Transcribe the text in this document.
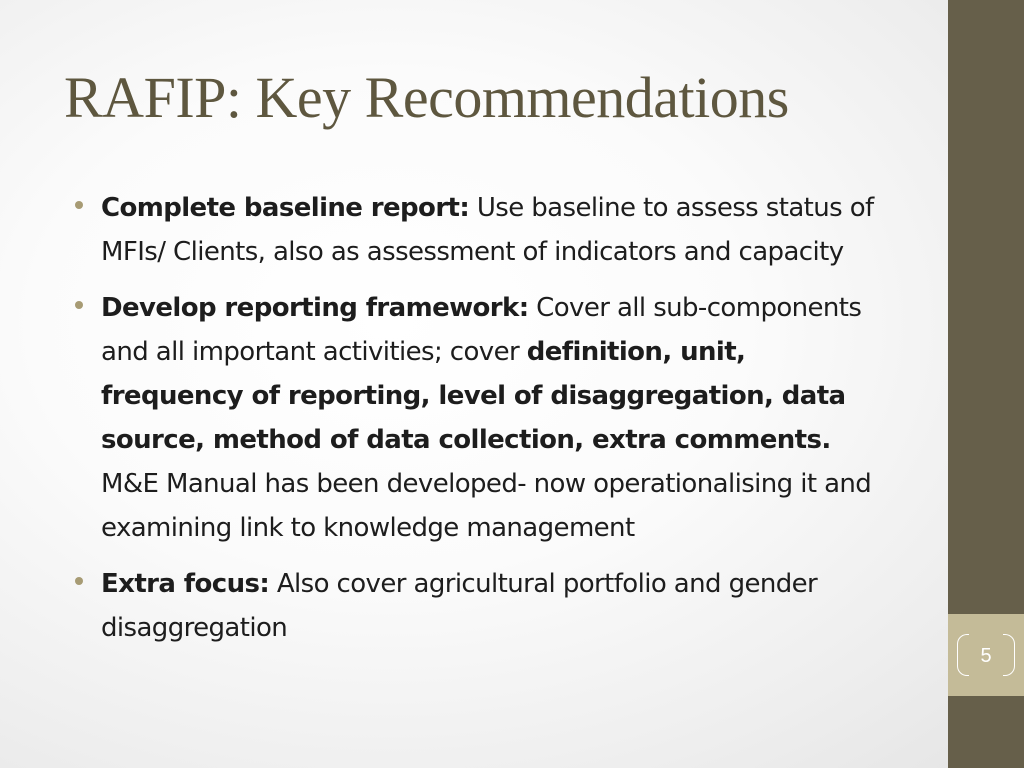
5
RAFIP: Key Recommendations
Complete baseline report: Use baseline to assess status of MFIs/ Clients, also as assessment of indicators and capacity
Develop reporting framework: Cover all sub-components and all important activities; cover definition, unit, frequency of reporting, level of disaggregation, data source, method of data collection, extra comments. M&E Manual has been developed- now operationalising it and examining link to knowledge management
Extra focus: Also cover agricultural portfolio and gender disaggregation
